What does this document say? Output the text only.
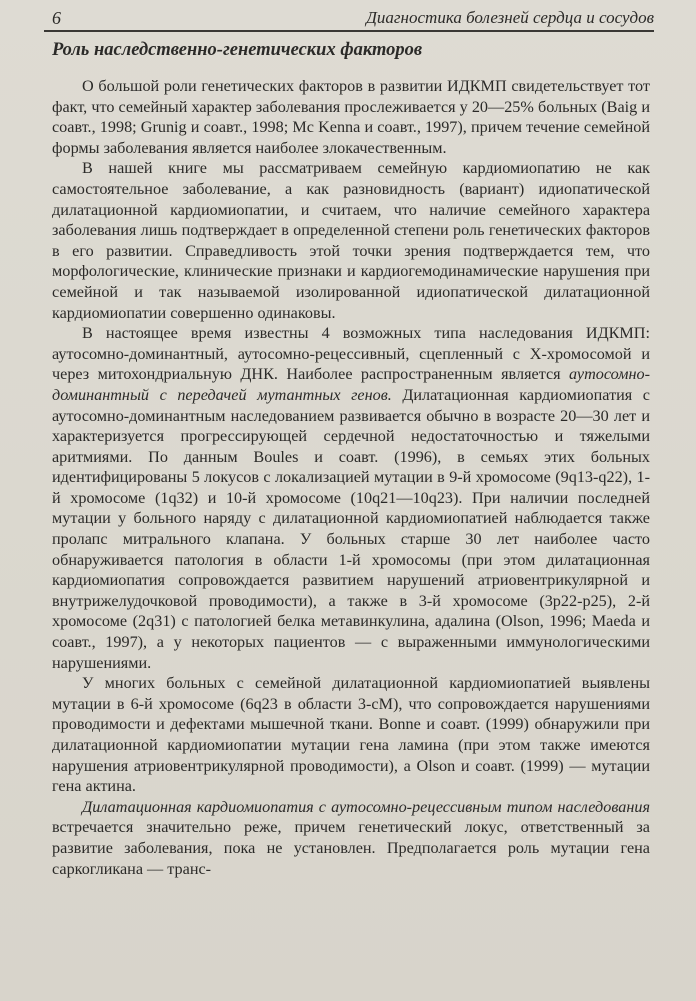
6	Диагностика болезней сердца и сосудов
Роль наследственно-генетических факторов

О большой роли генетических факторов в развитии ИДКМП свидетельствует тот факт, что семейный характер заболевания прослеживается у 20—25% больных (Baig и соавт., 1998; Grunig и соавт., 1998; Mc Kenna и соавт., 1997), причем течение семейной формы заболевания является наиболее злокачественным.

В нашей книге мы рассматриваем семейную кардиомиопатию не как самостоятельное заболевание, а как разновидность (вариант) идиопатической дилатационной кардиомиопатии, и считаем, что наличие семейного характера заболевания лишь подтверждает в определенной степени роль генетических факторов в его развитии. Справедливость этой точки зрения подтверждается тем, что морфологические, клинические признаки и кардиогемодинамические нарушения при семейной и так называемой изолированной идиопатической дилатационной кардиомиопатии совершенно одинаковы.

В настоящее время известны 4 возможных типа наследования ИДКМП: аутосомно-доминантный, аутосомно-рецессивный, сцепленный с Х-хромосомой и через митохондриальную ДНК. Наиболее распространенным является аутосомно-доминантный с передачей мутантных генов. Дилатационная кардиомиопатия с аутосомно-доминантным наследованием развивается обычно в возрасте 20—30 лет и характеризуется прогрессирующей сердечной недостаточностью и тяжелыми аритмиями. По данным Boules и соавт. (1996), в семьях этих больных идентифицированы 5 локусов с локализацией мутации в 9-й хромосоме (9q13-q22), 1-й хромосоме (1q32) и 10-й хромосоме (10q21—10q23). При наличии последней мутации у больного наряду с дилатационной кардиомиопатией наблюдается также пролапс митрального клапана. У больных старше 30 лет наиболее часто обнаруживается патология в области 1-й хромосомы (при этом дилатационная кардиомиопатия сопровождается развитием нарушений атриовентрикулярной и внутрижелудочковой проводимости), а также в 3-й хромосоме (3р22-р25), 2-й хромосоме (2q31) с патологией белка метавинкулина, адалина (Olson, 1996; Maeda и соавт., 1997), а у некоторых пациентов — с выраженными иммунологическими нарушениями.

У многих больных с семейной дилатационной кардиомиопатией выявлены мутации в 6-й хромосоме (6q23 в области 3-сМ), что сопровождается нарушениями проводимости и дефектами мышечной ткани. Bonne и соавт. (1999) обнаружили при дилатационной кардиомиопатии мутации гена ламина (при этом также имеются нарушения атриовентрикулярной проводимости), а Olson и соавт. (1999) — мутации гена актина.

Дилатационная кардиомиопатия с аутосомно-рецессивным типом наследования встречается значительно реже, причем генетический локус, ответственный за развитие заболевания, пока не установлен. Предполагается роль мутации гена саркогликана — транс-
